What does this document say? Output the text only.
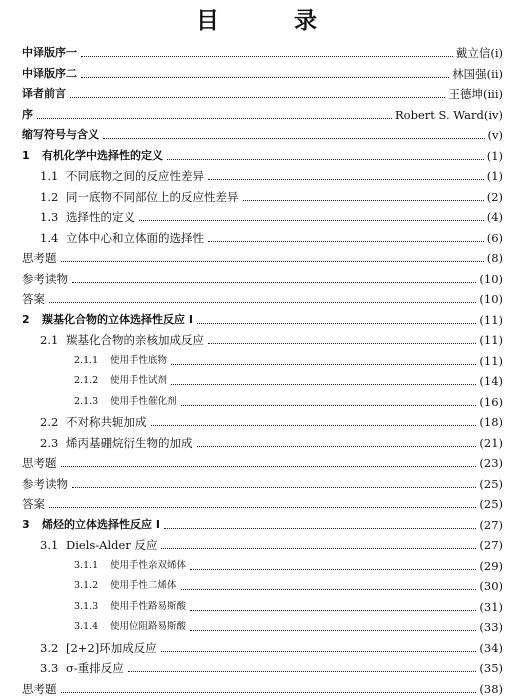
目　录
中译版序一	戴立信(i)
中译版序二	林国强(ii)
译者前言	王德坤(iii)
序	Robert S. Ward(iv)
缩写符号与含义	(v)
1 有机化学中选择性的定义	(1)
1.1 不同底物之间的反应性差异	(1)
1.2 同一底物不同部位上的反应性差异	(2)
1.3 选择性的定义	(4)
1.4 立体中心和立体面的选择性	(6)
思考题	(8)
参考读物	(10)
答案	(10)
2 羰基化合物的立体选择性反应 I	(11)
2.1 羰基化合物的亲核加成反应	(11)
2.1.1 使用手性底物	(11)
2.1.2 使用手性试剂	(14)
2.1.3 使用手性催化剂	(16)
2.2 不对称共轭加成	(18)
2.3 烯丙基硼烷衍生物的加成	(21)
思考题	(23)
参考读物	(25)
答案	(25)
3 烯烃的立体选择性反应 I	(27)
3.1 Diels-Alder 反应	(27)
3.1.1 使用手性亲双烯体	(29)
3.1.2 使用手性二烯体	(30)
3.1.3 使用手性路易斯酸	(31)
3.1.4 使用位阻路易斯酸	(33)
3.2 [2+2]环加成反应	(34)
3.3 σ-重排反应	(35)
思考题	(38)
